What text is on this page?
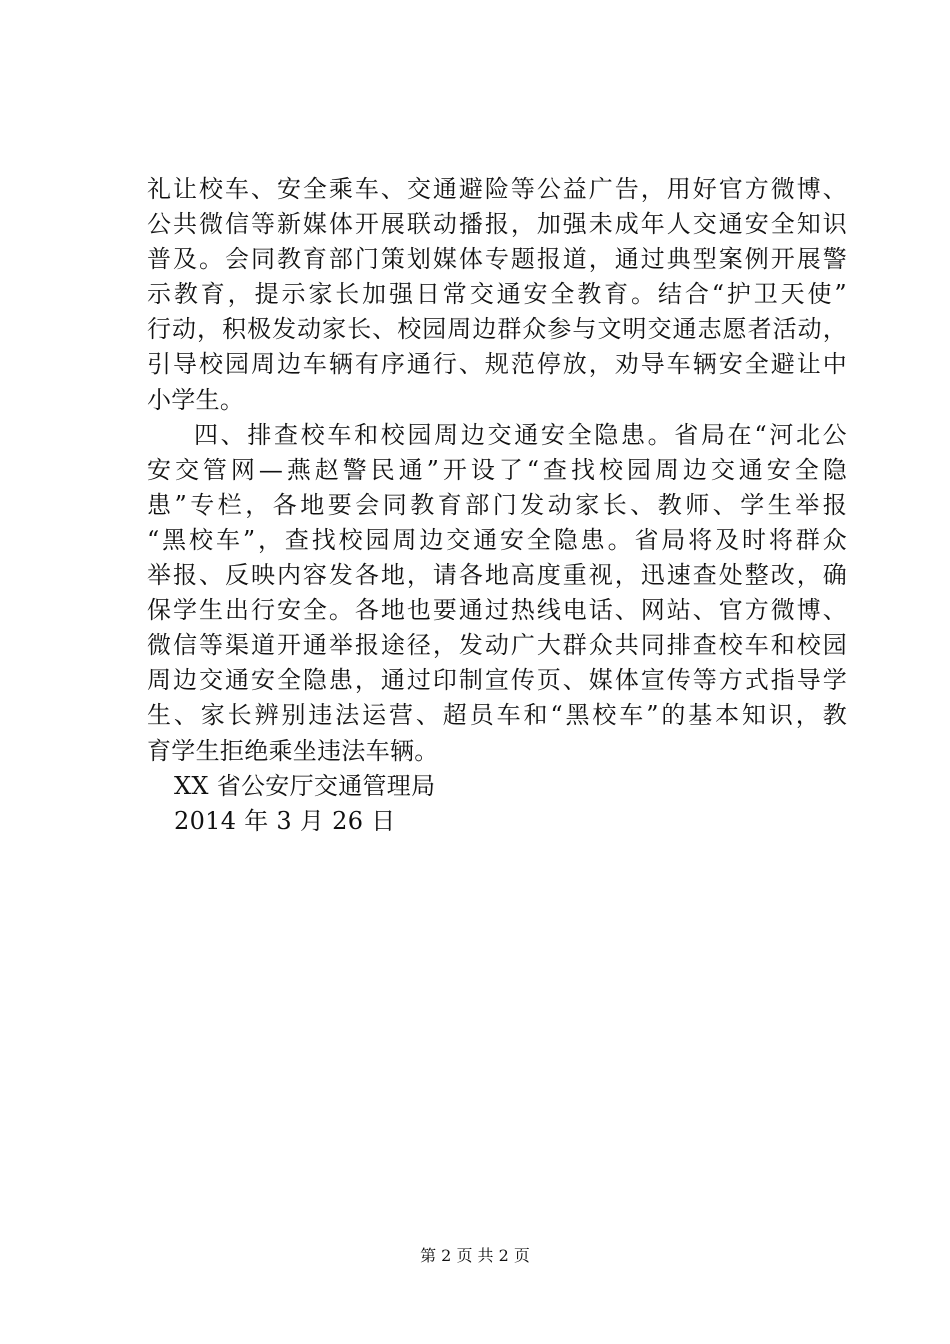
礼让校车、安全乘车、交通避险等公益广告，用好官方微博、
公共微信等新媒体开展联动播报，加强未成年人交通安全知识
普及。会同教育部门策划媒体专题报道，通过典型案例开展警
示教育，提示家长加强日常交通安全教育。结合“护卫天使”
行动，积极发动家长、校园周边群众参与文明交通志愿者活动，
引导校园周边车辆有序通行、规范停放，劝导车辆安全避让中
小学生。
四、排查校车和校园周边交通安全隐患。省局在“河北公
安交管网—燕赵警民通”开设了“查找校园周边交通安全隐
患”专栏，各地要会同教育部门发动家长、教师、学生举报
“黑校车”，查找校园周边交通安全隐患。省局将及时将群众
举报、反映内容发各地，请各地高度重视，迅速查处整改，确
保学生出行安全。各地也要通过热线电话、网站、官方微博、
微信等渠道开通举报途径，发动广大群众共同排查校车和校园
周边交通安全隐患，通过印制宣传页、媒体宣传等方式指导学
生、家长辨别违法运营、超员车和“黑校车”的基本知识，教
育学生拒绝乘坐违法车辆。
XX 省公安厅交通管理局
2014 年 3 月 26 日
第 2 页 共 2 页
